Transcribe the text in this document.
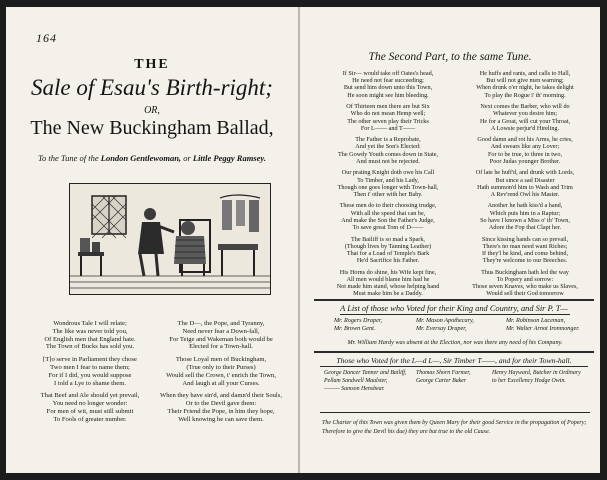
164
THE
Sale of Esau's Birth-right;
OR,
The New Buckingham Ballad,
To the Tune of the London Gentlewoman, or Little Peggy Ramsey.
Wondrous Tale I will relate;
The like was never told you,
Of English men that England hate.
The Town of Bucks has sold you.
[T]o serve in Parliament they chose
Two men I fear to name them;
For if I did, you would suppose
I told a Lye to shame them.
That Beef and Ale should yet prevail,
You need no longer wonder:
For men of wit, must still submit
To Fools of greater number.
The D—, the Pope, and Tyranny,
Need never fear a Down-fall,
For Teige and Wakeman both would be
Elected for a Town-hall.
Those Loyal men of Buckingham,
(True only to their Purses)
Would sell the Crown, t' enrich the Town,
And laugh at all your Curses.
When they have sin'd, and damn'd their Souls,
Or to the Devil gave them:
Their Friend the Pope, in him they hope,
Well knowing he can save them.
The Second Part, to the same Tune.
If Sir— would take off Oates's head,
He need not fear succeeding;
But send him down unto this Town,
He soon might see him bleeding.
Of Thirteen men there are but Six
Who do not mean Hemp well;
The other seven play their Tricks
For L—— and T——
The Father is a Reprobate,
And yet the Son's Elected:
The Gowdy Youth comes down in State,
And must not be rejected.
Our prating Knight doth owe his Call
To Timber, and his Lady,
Though one goes longer with Town-hall,
Then t' other with her Baby.
These men do to their choosing trudge,
With all the speed that can be,
And make the Son the Father's Judge,
To save great Tom of D——
The Bailiff is so mad a Spark,
(Though lives by Tanning Leather)
That for a Load of Temple's Bark
He'd Sacrifice his Father.
His Horns do shine, his Wife kept fine,
All men would blame him had he
Not made him stand, whose helping hand
Must make him be a Daddy.
He huffs and rants, and calls to Hall,
But will not give men warning;
When drunk o'er night, he takes delight
To play the Rogue i' th' morning.
Next comes the Barber, who will do
Whatever you desire him;
He for a Groat, will cut your Throat,
A Lowsie perjur'd Hireling.
Good damn and rot his Arms, he cries,
And swears like any Lover;
For to be true, to three in two,
Poor Judas younger Brother.
Of late he huff'd, and drunk with Lords,
But since a sad Disaster
Hath summon'd him to Wash and Trim
A Rev'rend Owl his Master.
Another he hath kiss'd a hand,
Which puts him in a Raptur;
So have I known a Miss o' th' Town,
Adore the Fop that Clapt her.
Since kissing hands can so prevail,
There's no man need want Riches;
If they'l be kind, and come behind,
They're welcome to our Breeches.
Thus Buckingham hath led the way
To Popery and sorrow:
Those seven Knaves, who make us Slaves,
Would sell their God tomorrow
A List of those who Voted for their King and Country, and Sir P. T—
Mr. Rogers Draper,	Mr. Mason Apothecary,	Mr. Robinson Laceman,
Mr. Brown Gent.	Mr. Eversay Draper,	Mr. Walter Arnot Ironmonger.
Mr. William Hardy was absent at the Election, nor was there any need of his Company.
Those who Voted for the L—d L—, Sir Timber T——, and for their Town-hall.
George Dancer Tanner and Bailiff,	Thomas Shorn Farmer,	Henry Hayward, Butcher in Ordinary
Pellam Sandwell Maulster,	George Carter Baker	to her Excellency Hodge Owin.
——— Samson Hensbear.
The Charter of this Town was given them by Queen Mary for their good Service in the propagation of Popery; Therefore to give the Devil his due) they are but true to the old Cause.
